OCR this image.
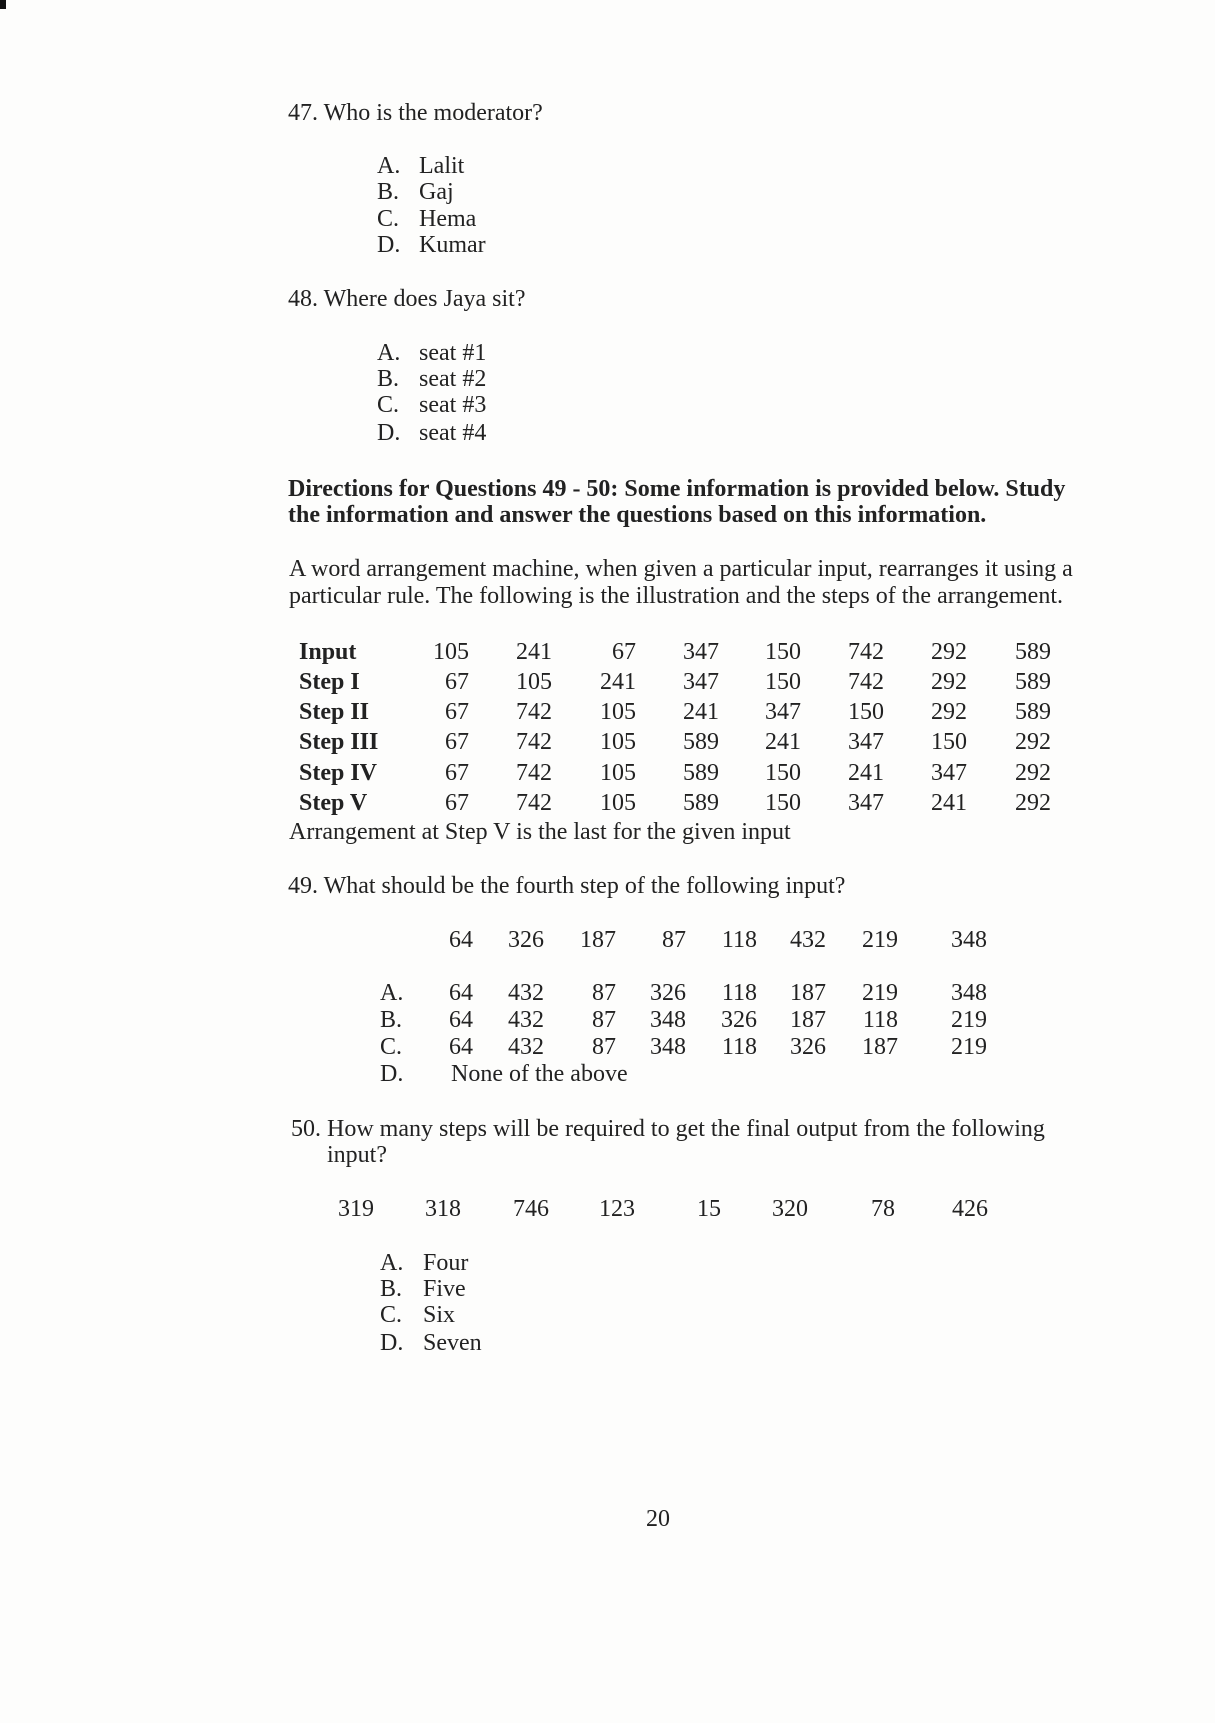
47. Who is the moderator?
A. Lalit
B. Gaj
C. Hema
D. Kumar
48. Where does Jaya sit?
A. seat #1
B. seat #2
C. seat #3
D. seat #4
Directions for Questions 49 - 50: Some information is provided below. Study
the information and answer the questions based on this information.
A word arrangement machine, when given a particular input, rearranges it using a
particular rule. The following is the illustration and the steps of the arrangement.
Input	105	241	67	347	150	742	292	589
Step I	67	105	241	347	150	742	292	589
Step II	67	742	105	241	347	150	292	589
Step III	67	742	105	589	241	347	150	292
Step IV	67	742	105	589	150	241	347	292
Step V	67	742	105	589	150	347	241	292
Arrangement at Step V is the last for the given input
49. What should be the fourth step of the following input?
64	326	187	87	118	432	219	348
A.	64	432	87	326	118	187	219	348
B.	64	432	87	348	326	187	118	219
C.	64	432	87	348	118	326	187	219
D. None of the above
50. How many steps will be required to get the final output from the following
input?
319	318	746	123	15	320	78	426
A. Four
B. Five
C. Six
D. Seven
20
